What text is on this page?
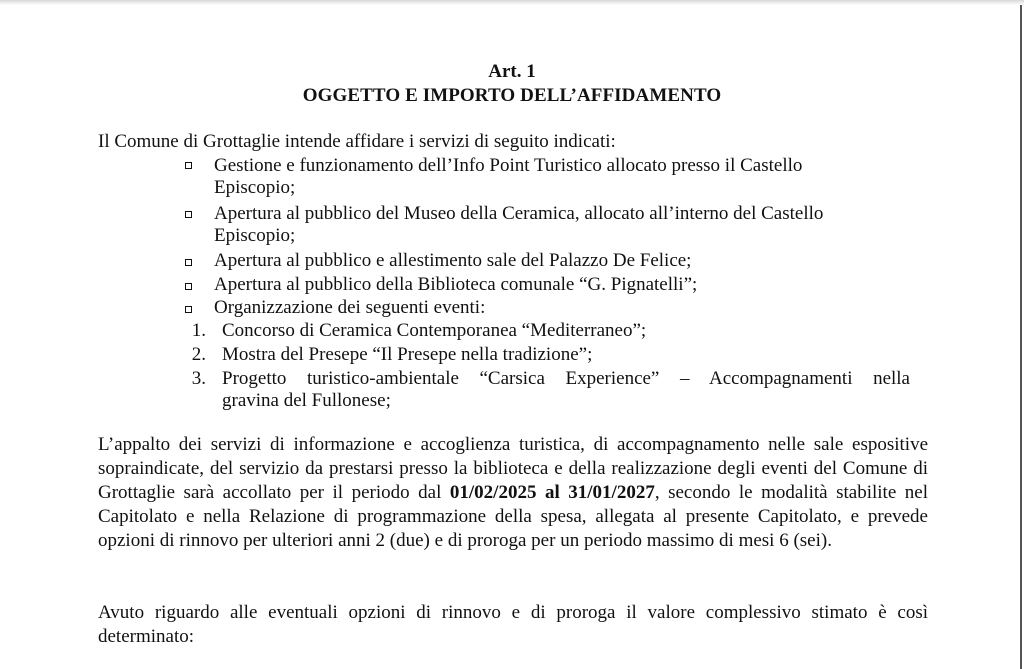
Art. 1
OGGETTO E IMPORTO DELL’AFFIDAMENTO
Il Comune di Grottaglie intende affidare i servizi di seguito indicati:
Gestione e funzionamento dell’Info Point Turistico allocato presso il Castello
Episcopio;
Apertura al pubblico del Museo della Ceramica, allocato all’interno del Castello
Episcopio;
Apertura al pubblico e allestimento sale del Palazzo De Felice;
Apertura al pubblico della Biblioteca comunale “G. Pignatelli”;
Organizzazione dei seguenti eventi:
1. Concorso di Ceramica Contemporanea “Mediterraneo”;
2. Mostra del Presepe “Il Presepe nella tradizione”;
3. Progetto turistico-ambientale “Carsica Experience” – Accompagnamenti nella
gravina del Fullonese;
L’appalto dei servizi di informazione e accoglienza turistica, di accompagnamento nelle sale espositive sopraindicate, del servizio da prestarsi presso la biblioteca e della realizzazione degli eventi del Comune di Grottaglie sarà accollato per il periodo dal 01/02/2025 al 31/01/2027, secondo le modalità stabilite nel Capitolato e nella Relazione di programmazione della spesa, allegata al presente Capitolato, e prevede opzioni di rinnovo per ulteriori anni 2 (due) e di proroga per un periodo massimo di mesi 6 (sei).
Avuto riguardo alle eventuali opzioni di rinnovo e di proroga il valore complessivo stimato è così determinato:
